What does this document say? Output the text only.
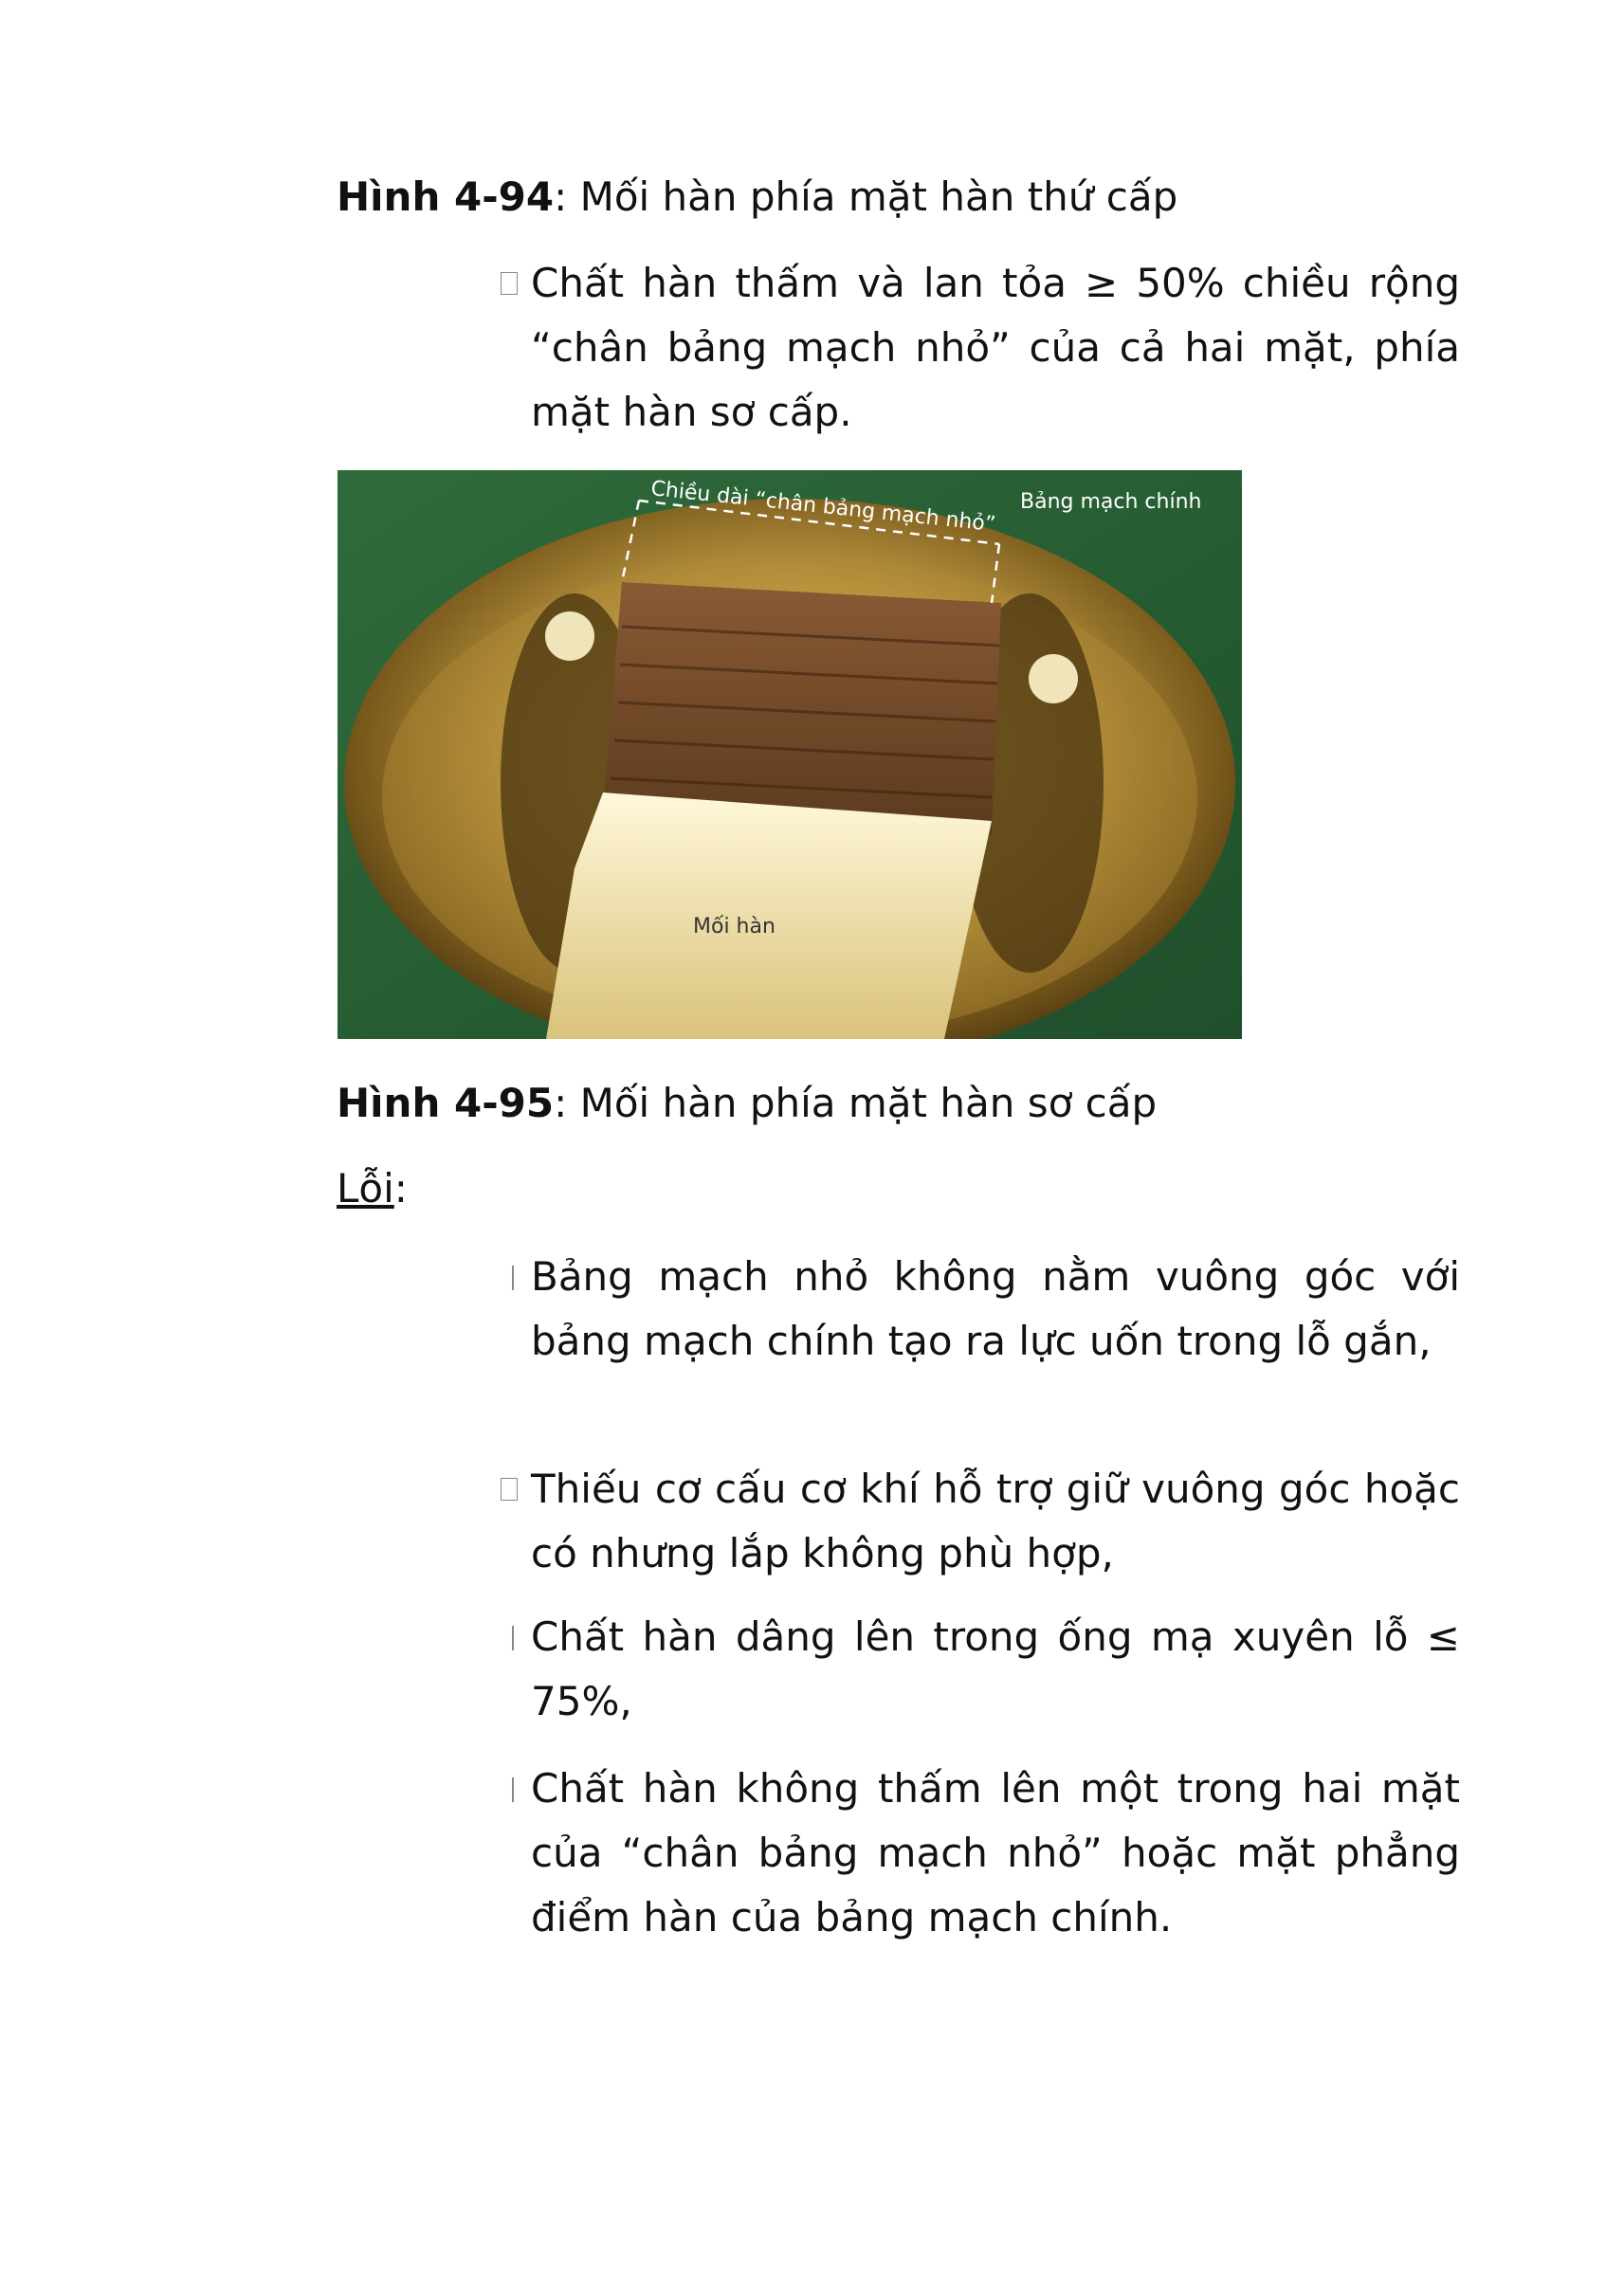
Hình 4-94: Mối hàn phía mặt hàn thứ cấp
Chất hàn thấm và lan tỏa ≥ 50% chiều rộng “chân bảng mạch nhỏ” của cả hai mặt, phía mặt hàn sơ cấp.
Chiều dài “chân bảng mạch nhỏ” Bảng mạch chính
Mối hàn
Hình 4-95: Mối hàn phía mặt hàn sơ cấp
Lỗi:
Bảng mạch nhỏ không nằm vuông góc với bảng mạch chính tạo ra lực uốn trong lỗ gắn,
Thiếu cơ cấu cơ khí hỗ trợ giữ vuông góc hoặc có nhưng lắp không phù hợp,
Chất hàn dâng lên trong ống mạ xuyên lỗ ≤ 75%,
Chất hàn không thấm lên một trong hai mặt của “chân bảng mạch nhỏ” hoặc mặt phẳng điểm hàn của bảng mạch chính.
